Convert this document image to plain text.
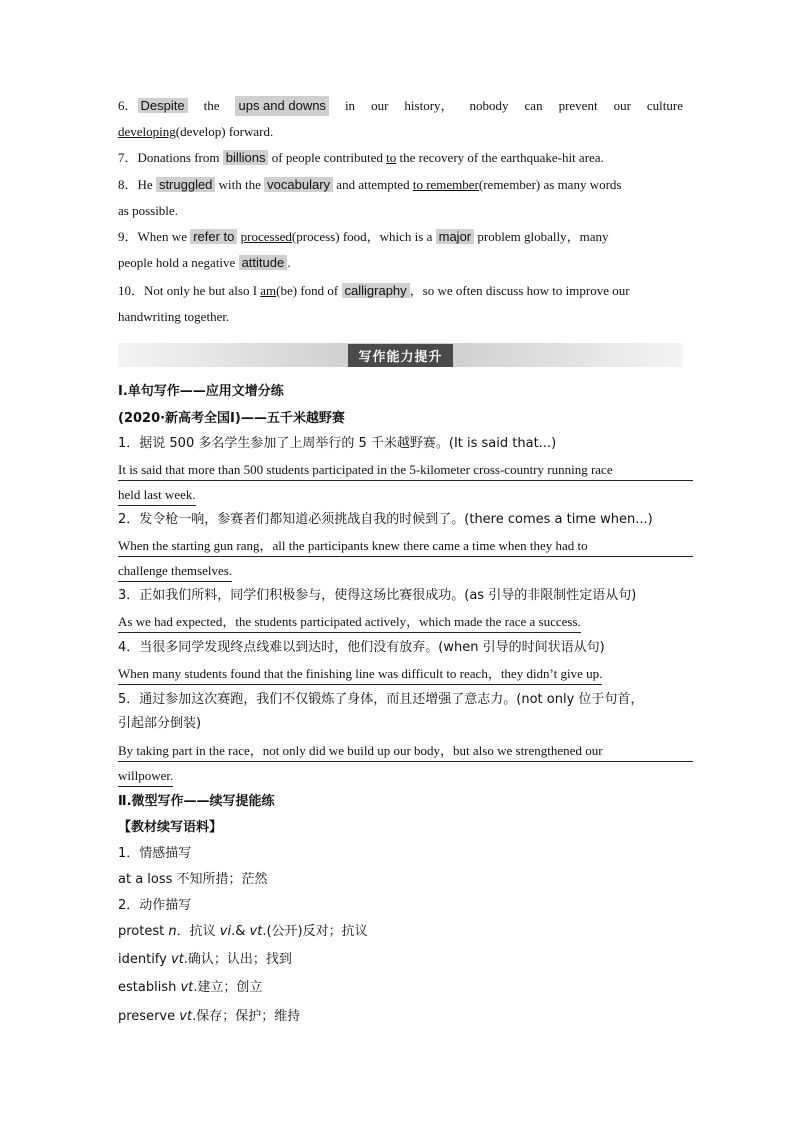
6． Despite the ups and downs in our history， nobody can prevent our culture
developing(develop) forward.
7．Donations from billions of people contributed to the recovery of the earthquake-hit area.
8．He struggled with the vocabulary and attempted to remember(remember) as many words
as possible.
9．When we refer to processed(process) food，which is a major problem globally，many
people hold a negative attitude .
10．Not only he but also I am(be) fond of calligraphy ，so we often discuss how to improve our
handwriting together.
写作能力提升
Ⅰ.单句写作——应用文增分练
(2020·新高考全国Ⅰ)——五千米越野赛
1．据说 500 多名学生参加了上周举行的 5 千米越野赛。(It is said that...)
It is said that more than 500 students participated in the 5-kilometer cross-country running race
held last week.
2．发令枪一响，参赛者们都知道必须挑战自我的时候到了。(there comes a time when...)
When the starting gun rang，all the participants knew there came a time when they had to
challenge themselves.
3．正如我们所料，同学们积极参与，使得这场比赛很成功。(as 引导的非限制性定语从句)
As we had expected，the students participated actively，which made the race a success.
4．当很多同学发现终点线难以到达时，他们没有放弃。(when 引导的时间状语从句)
When many students found that the finishing line was difficult to reach，they didn’t give up.
5．通过参加这次赛跑，我们不仅锻炼了身体，而且还增强了意志力。(not only 位于句首，
引起部分倒装)
By taking part in the race，not only did we build up our body，but also we strengthened our
willpower.
Ⅱ.微型写作——续写提能练
【教材续写语料】
1．情感描写
at a loss 不知所措；茫然
2．动作描写
protest n．抗议 vi.& vt.(公开)反对；抗议
identify vt.确认；认出；找到
establish vt.建立；创立
preserve vt.保存；保护；维持
